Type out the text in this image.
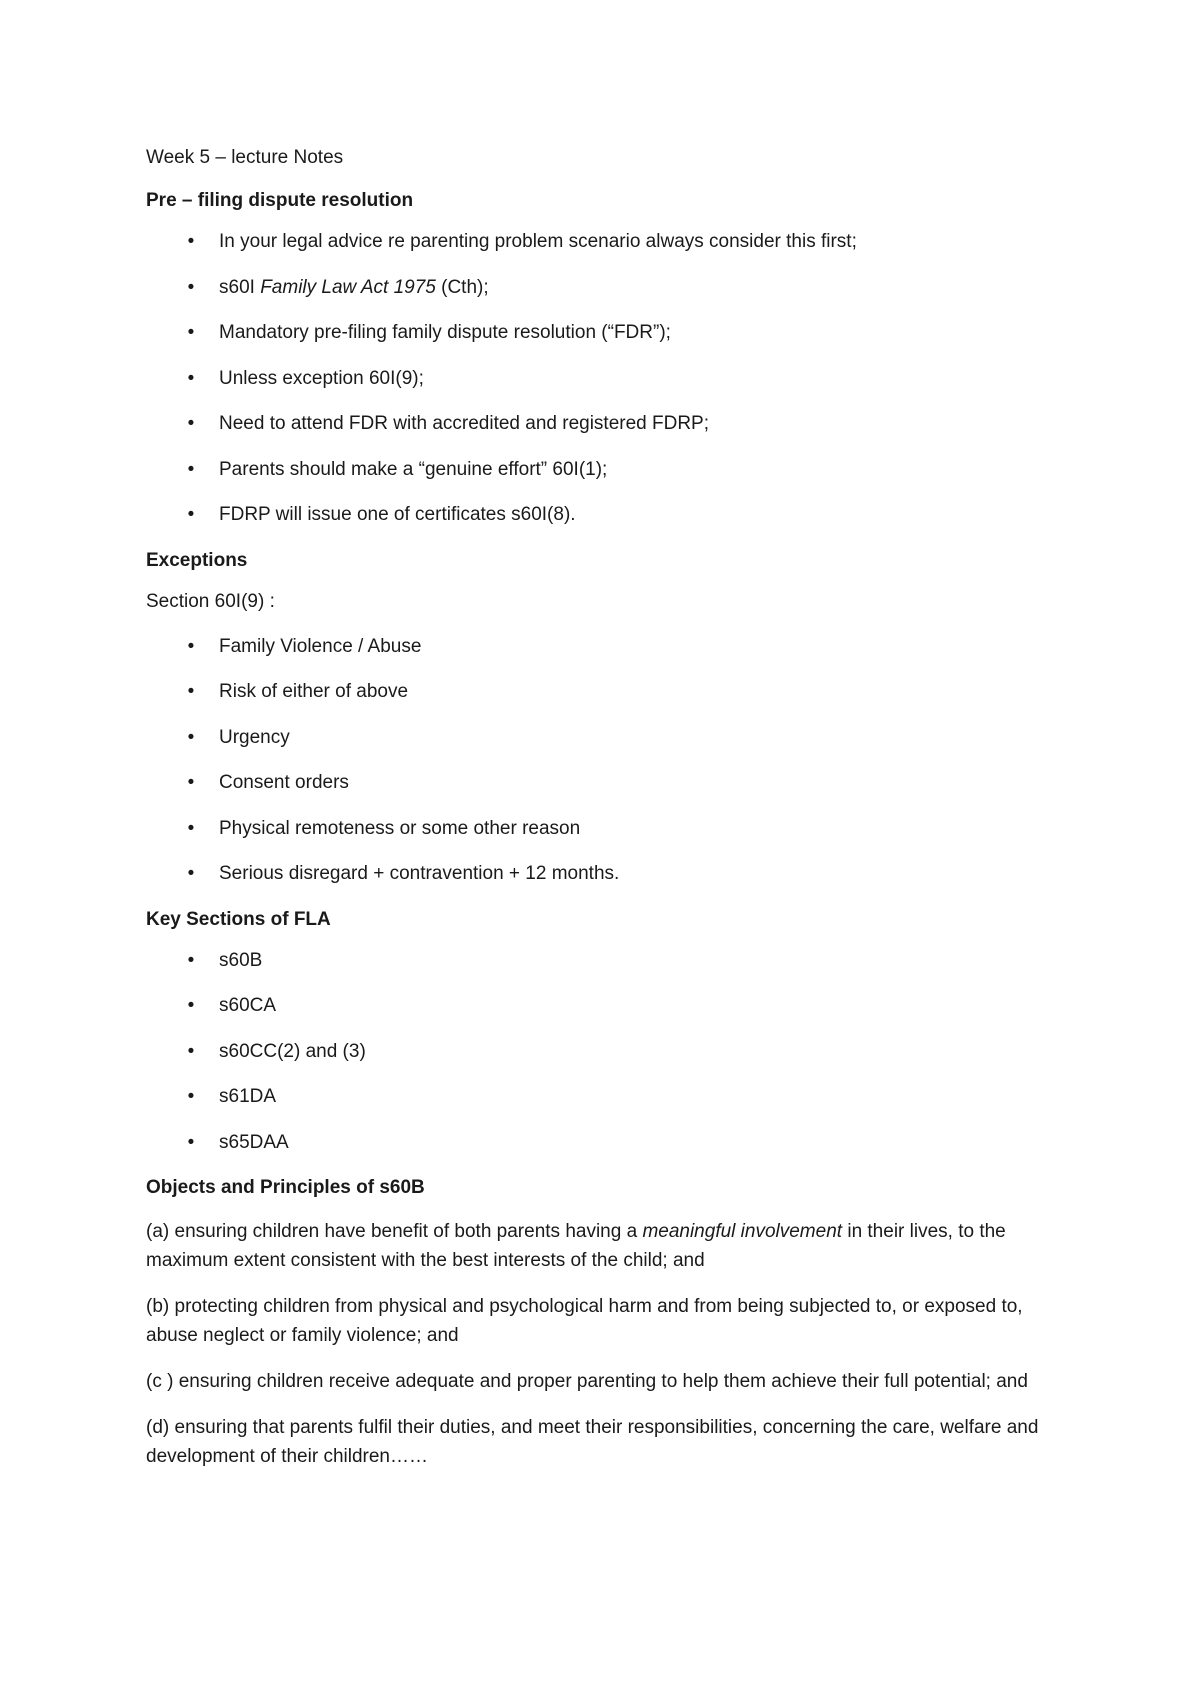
Week 5 – lecture Notes
Pre – filing dispute resolution
• In your legal advice re parenting problem scenario always consider this first;
• s60I Family Law Act 1975 (Cth);
• Mandatory pre-filing family dispute resolution (“FDR”);
• Unless exception 60I(9);
• Need to attend FDR with accredited and registered FDRP;
• Parents should make a “genuine effort” 60I(1);
• FDRP will issue one of certificates s60I(8).
Exceptions
Section 60I(9) :
• Family Violence / Abuse
• Risk of either of above
• Urgency
• Consent orders
• Physical remoteness or some other reason
• Serious disregard + contravention + 12 months.
Key Sections of FLA
• s60B
• s60CA
• s60CC(2) and (3)
• s61DA
• s65DAA
Objects and Principles of s60B
(a) ensuring children have benefit of both parents having a meaningful involvement in their lives, to the maximum extent consistent with the best interests of the child; and
(b) protecting children from physical and psychological harm and from being subjected to, or exposed to, abuse neglect or family violence; and
(c ) ensuring children receive adequate and proper parenting to help them achieve their full potential; and
(d) ensuring that parents fulfil their duties, and meet their responsibilities, concerning the care, welfare and development of their children……
